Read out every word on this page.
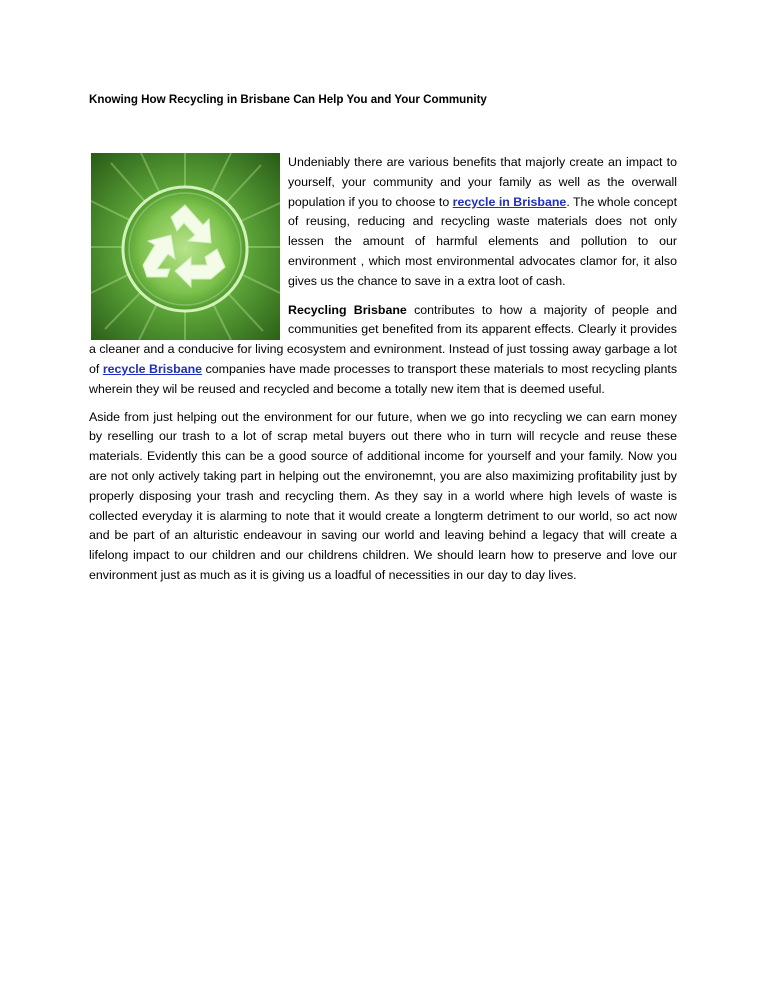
Knowing How Recycling in Brisbane Can Help You and Your Community

Undeniably there are various benefits that majorly create an impact to yourself, your community and your family as well as the overwall population if you to choose to recycle in Brisbane. The whole concept of reusing, reducing and recycling waste materials does not only lessen the amount of harmful elements and pollution to our environment , which most environmental advocates clamor for, it also gives us the chance to save in a extra loot of cash.

Recycling Brisbane contributes to how a majority of people and communities get benefited from its apparent effects. Clearly it provides a cleaner and a conducive for living ecosystem and evnironment. Instead of just tossing away garbage a lot of recycle Brisbane companies have made processes to transport these materials to most recycling plants wherein they wil be reused and recycled and become a totally new item that is deemed useful.

Aside from just helping out the environment for our future, when we go into recycling we can earn money by reselling our trash to a lot of scrap metal buyers out there who in turn will recycle and reuse these materials. Evidently this can be a good source of additional income for yourself and your family. Now you are not only actively taking part in helping out the environemnt, you are also maximizing profitability just by properly disposing your trash and recycling them. As they say in a world where high levels of waste is collected everyday it is alarming to note that it would create a longterm detriment to our world, so act now and be part of an alturistic endeavour in saving our world and leaving behind a legacy that will create a lifelong impact to our children and our childrens children. We should learn how to preserve and love our environment just as much as it is giving us a loadful of necessities in our day to day lives.
